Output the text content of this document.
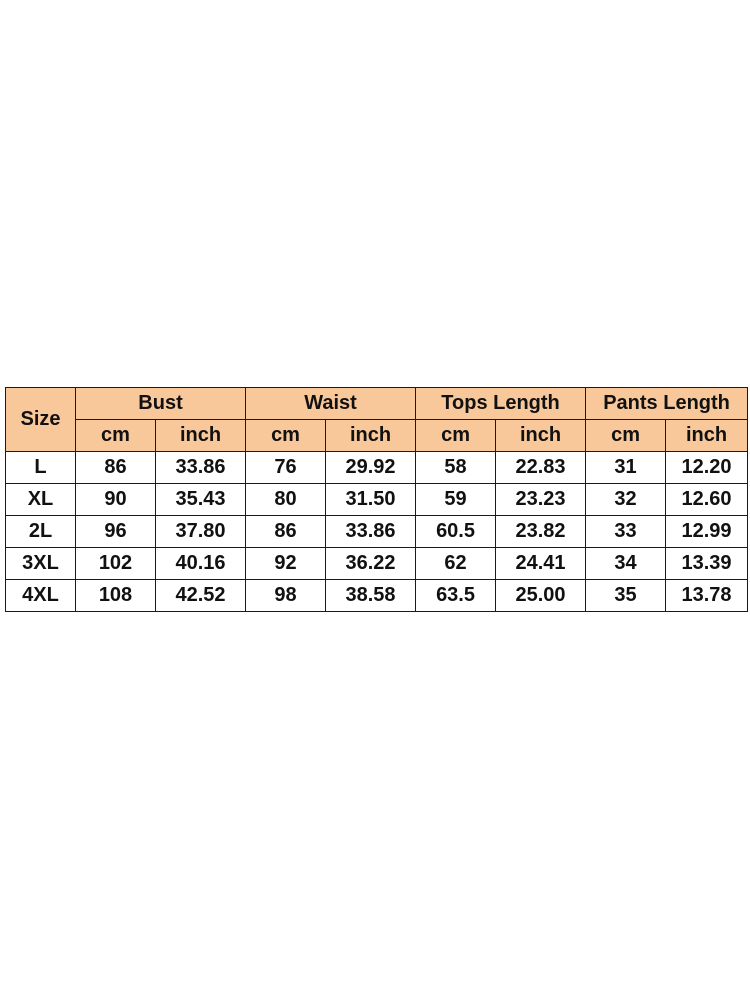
Size	Bust		Waist		Tops Length		Pants Length	
	cm	inch	cm	inch	cm	inch	cm	inch
L	86	33.86	76	29.92	58	22.83	31	12.20
XL	90	35.43	80	31.50	59	23.23	32	12.60
2L	96	37.80	86	33.86	60.5	23.82	33	12.99
3XL	102	40.16	92	36.22	62	24.41	34	13.39
4XL	108	42.52	98	38.58	63.5	25.00	35	13.78
